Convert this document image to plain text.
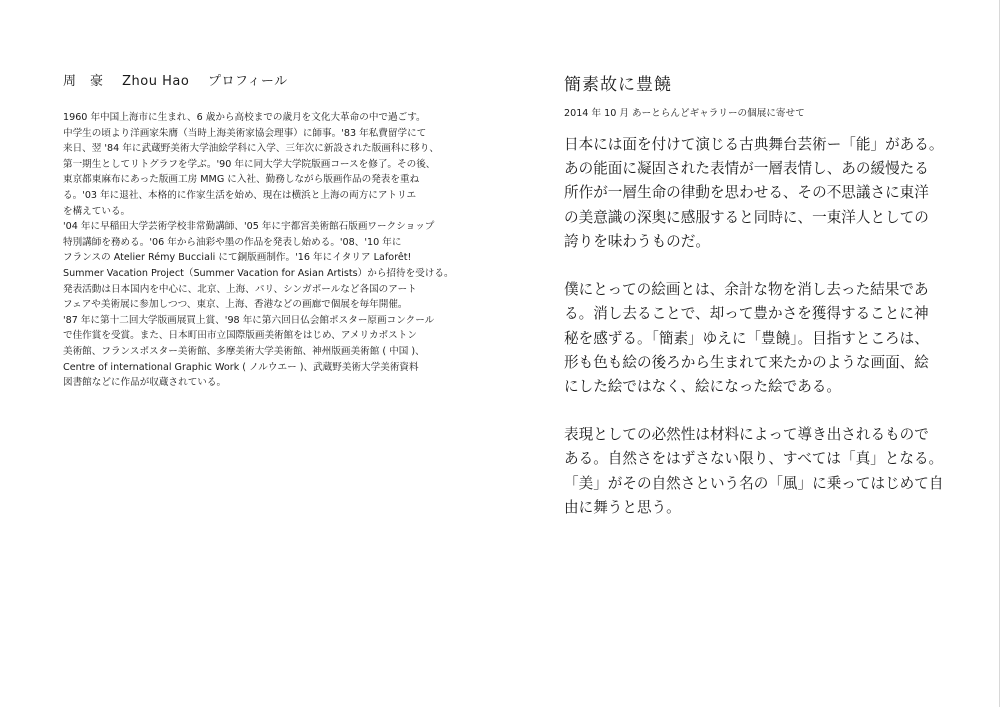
周　豪 Zhou Hao プロフィール
1960 年中国上海市に生まれ、6 歳から高校までの歳月を文化大革命の中で過ごす。
中学生の頃より洋画家朱膺（当時上海美術家協会理事）に師事。'83 年私費留学にて
来日、翌 '84 年に武蔵野美術大学油絵学科に入学、三年次に新設された版画科に移り、
第一期生としてリトグラフを学ぶ。'90 年に同大学大学院版画コースを修了。その後、
東京都東麻布にあった版画工房 MMG に入社、勤務しながら版画作品の発表を重ね
る。'03 年に退社、本格的に作家生活を始め、現在は横浜と上海の両方にアトリエ
を構えている。
'04 年に早稲田大学芸術学校非常勤講師、'05 年に宇都宮美術館石版画ワークショップ
特別講師を務める。'06 年から油彩や墨の作品を発表し始める。'08、'10 年に
フランスの Atelier Rémy Bucciali にて銅版画制作。'16 年にイタリア Laforêt!
Summer Vacation Project（Summer Vacation for Asian Artists）から招待を受ける。
発表活動は日本国内を中心に、北京、上海、パリ、シンガポールなど各国のアート
フェアや美術展に参加しつつ、東京、上海、香港などの画廊で個展を毎年開催。
'87 年に第十二回大学版画展買上賞、'98 年に第六回日仏会館ポスター原画コンクール
で佳作賞を受賞。また、日本町田市立国際版画美術館をはじめ、アメリカボストン
美術館、フランスポスター美術館、多摩美術大学美術館、神州版画美術館 ( 中国 )、
Centre of international Graphic Work ( ノルウエー )、武蔵野美術大学美術資料
図書館などに作品が収蔵されている。
簡素故に豊饒
2014 年 10 月 あーとらんどギャラリーの個展に寄せて
日本には面を付けて演じる古典舞台芸術ー「能」がある。
あの能面に凝固された表情が一層表情し、あの緩慢たる
所作が一層生命の律動を思わせる、その不思議さに東洋
の美意識の深奥に感服すると同時に、一東洋人としての
誇りを味わうものだ。
僕にとっての絵画とは、余計な物を消し去った結果であ
る。消し去ることで、却って豊かさを獲得することに神
秘を感ずる。「簡素」ゆえに「豊饒」。目指すところは、
形も色も絵の後ろから生まれて来たかのような画面、絵
にした絵ではなく、絵になった絵である。
表現としての必然性は材料によって導き出されるもので
ある。自然さをはずさない限り、すべては「真」となる。
「美」がその自然さという名の「風」に乗ってはじめて自
由に舞うと思う。
